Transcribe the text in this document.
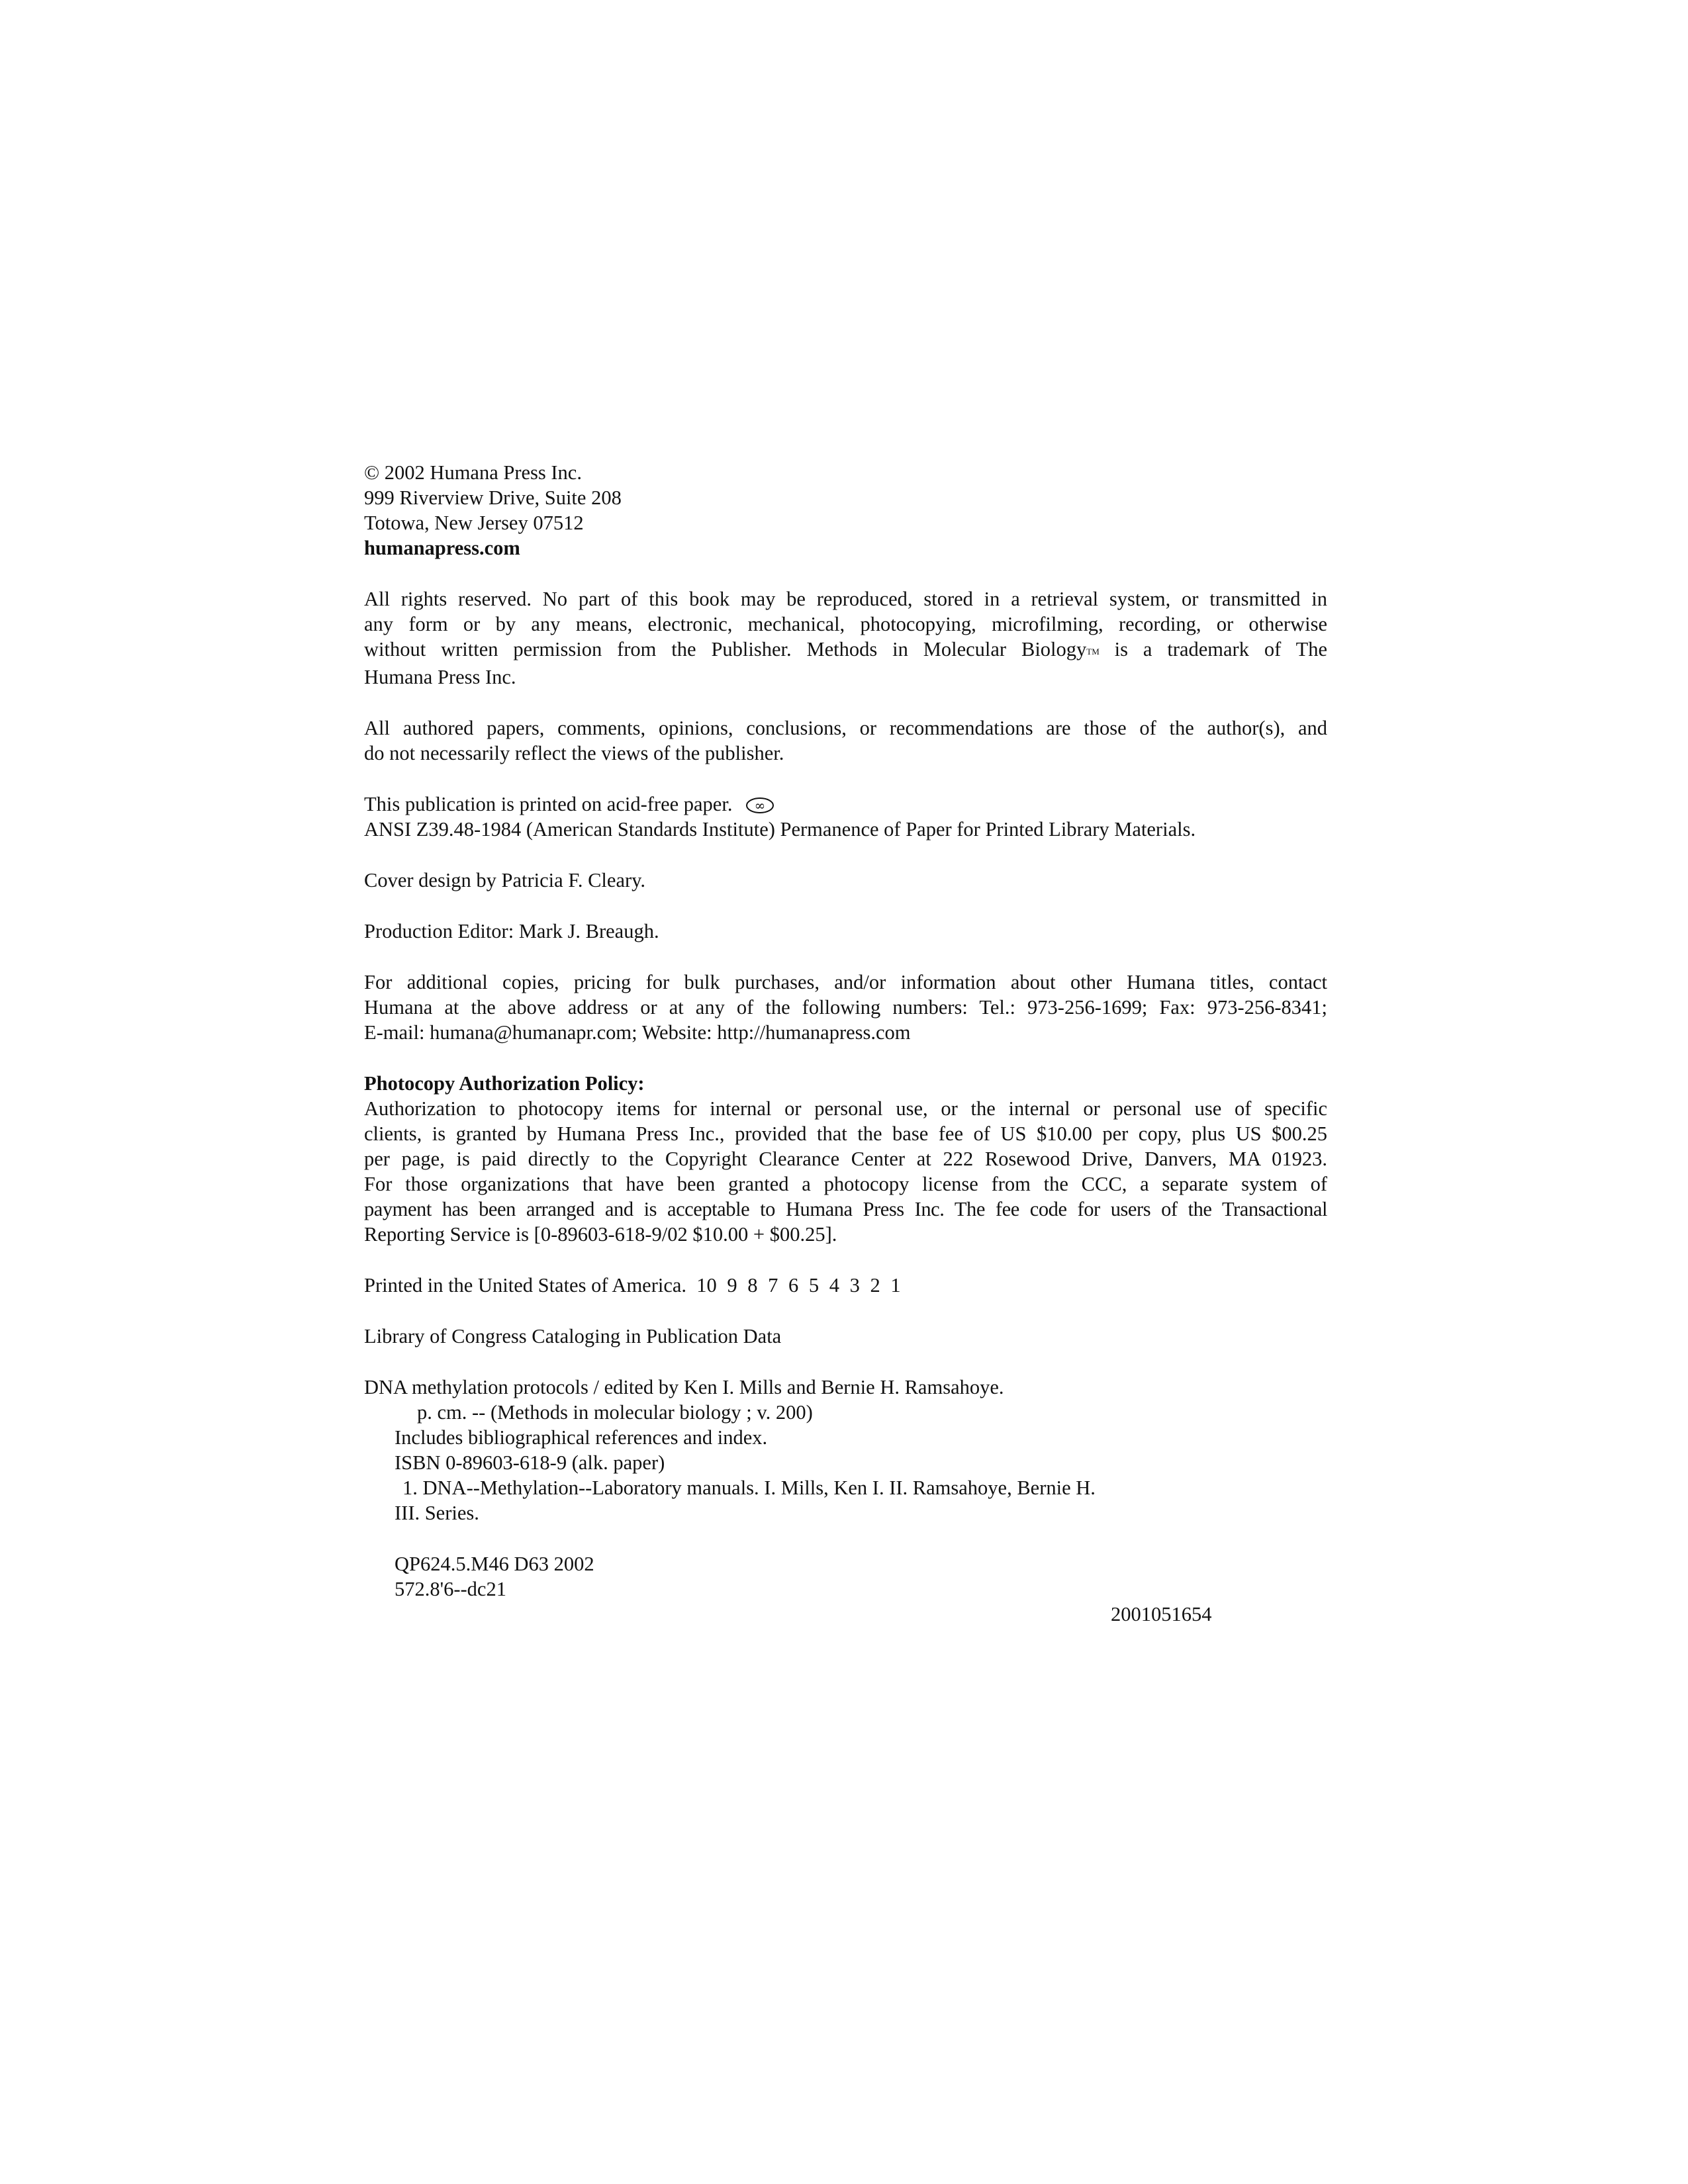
© 2002 Humana Press Inc.

999 Riverview Drive, Suite 208

Totowa, New Jersey 07512

humanapress.com

All rights reserved. No part of this book may be reproduced, stored in a retrieval system, or transmitted in

any form or by any means, electronic, mechanical, photocopying, microfilming, recording, or otherwise

without written permission from the Publisher. Methods in Molecular BiologyTM is a trademark of The

Humana Press Inc.

All authored papers, comments, opinions, conclusions, or recommendations are those of the author(s), and

do not necessarily reflect the views of the publisher.

This publication is printed on acid-free paper. ∞

ANSI Z39.48-1984 (American Standards Institute) Permanence of Paper for Printed Library Materials.

Cover design by Patricia F. Cleary.

Production Editor: Mark J. Breaugh.

For additional copies, pricing for bulk purchases, and/or information about other Humana titles, contact

Humana at the above address or at any of the following numbers: Tel.: 973-256-1699; Fax: 973-256-8341;

E-mail: humana@humanapr.com; Website: http://humanapress.com

Photocopy Authorization Policy:

Authorization to photocopy items for internal or personal use, or the internal or personal use of specific

clients, is granted by Humana Press Inc., provided that the base fee of US $10.00 per copy, plus US $00.25

per page, is paid directly to the Copyright Clearance Center at 222 Rosewood Drive, Danvers, MA 01923.

For those organizations that have been granted a photocopy license from the CCC, a separate system of

payment has been arranged and is acceptable to Humana Press Inc. The fee code for users of the Transactional

Reporting Service is [0-89603-618-9/02 $10.00 + $00.25].

Printed in the United States of America. 10 9 8 7 6 5 4 3 2 1

Library of Congress Cataloging in Publication Data

DNA methylation protocols / edited by Ken I. Mills and Bernie H. Ramsahoye.

p. cm. -- (Methods in molecular biology ; v. 200)

Includes bibliographical references and index.

ISBN 0-89603-618-9 (alk. paper)

1. DNA--Methylation--Laboratory manuals. I. Mills, Ken I. II. Ramsahoye, Bernie H.

III. Series.

QP624.5.M46 D63 2002

572.8'6--dc21

2001051654
